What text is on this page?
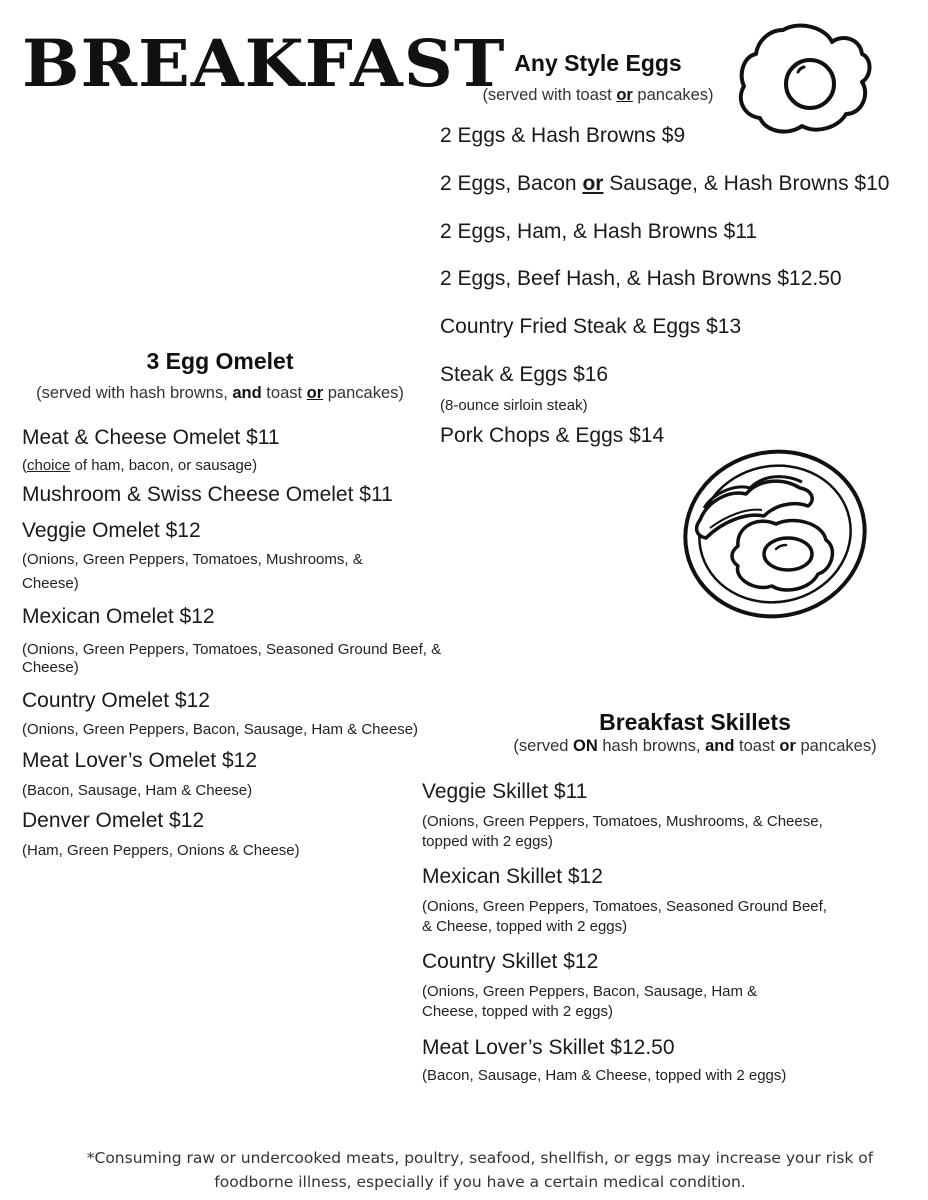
BREAKFAST Any Style Eggs
(served with toast or pancakes)
2 Eggs & Hash Browns $9
2 Eggs, Bacon or Sausage, & Hash Browns $10
2 Eggs, Ham, & Hash Browns $11
2 Eggs, Beef Hash, & Hash Browns $12.50
Country Fried Steak & Eggs $13
Steak & Eggs $16
(8-ounce sirloin steak)
Pork Chops & Eggs $14
3 Egg Omelet
(served with hash browns, and toast or pancakes)
Meat & Cheese Omelet $11
(choice of ham, bacon, or sausage)
Mushroom & Swiss Cheese Omelet $11
Veggie Omelet $12
(Onions, Green Peppers, Tomatoes, Mushrooms, &
Cheese)
Mexican Omelet $12
(Onions, Green Peppers, Tomatoes, Seasoned Ground Beef, &
Cheese)
Country Omelet $12
(Onions, Green Peppers, Bacon, Sausage, Ham & Cheese)
Meat Lover’s Omelet $12
(Bacon, Sausage, Ham & Cheese)
Denver Omelet $12
(Ham, Green Peppers, Onions & Cheese)
Breakfast Skillets
(served ON hash browns, and toast or pancakes)
Veggie Skillet $11
(Onions, Green Peppers, Tomatoes, Mushrooms, & Cheese,
topped with 2 eggs)
Mexican Skillet $12
(Onions, Green Peppers, Tomatoes, Seasoned Ground Beef,
& Cheese, topped with 2 eggs)
Country Skillet $12
(Onions, Green Peppers, Bacon, Sausage, Ham &
Cheese, topped with 2 eggs)
Meat Lover’s Skillet $12.50
(Bacon, Sausage, Ham & Cheese, topped with 2 eggs)
*Consuming raw or undercooked meats, poultry, seafood, shellfish, or eggs may increase your risk of
foodborne illness, especially if you have a certain medical condition.
